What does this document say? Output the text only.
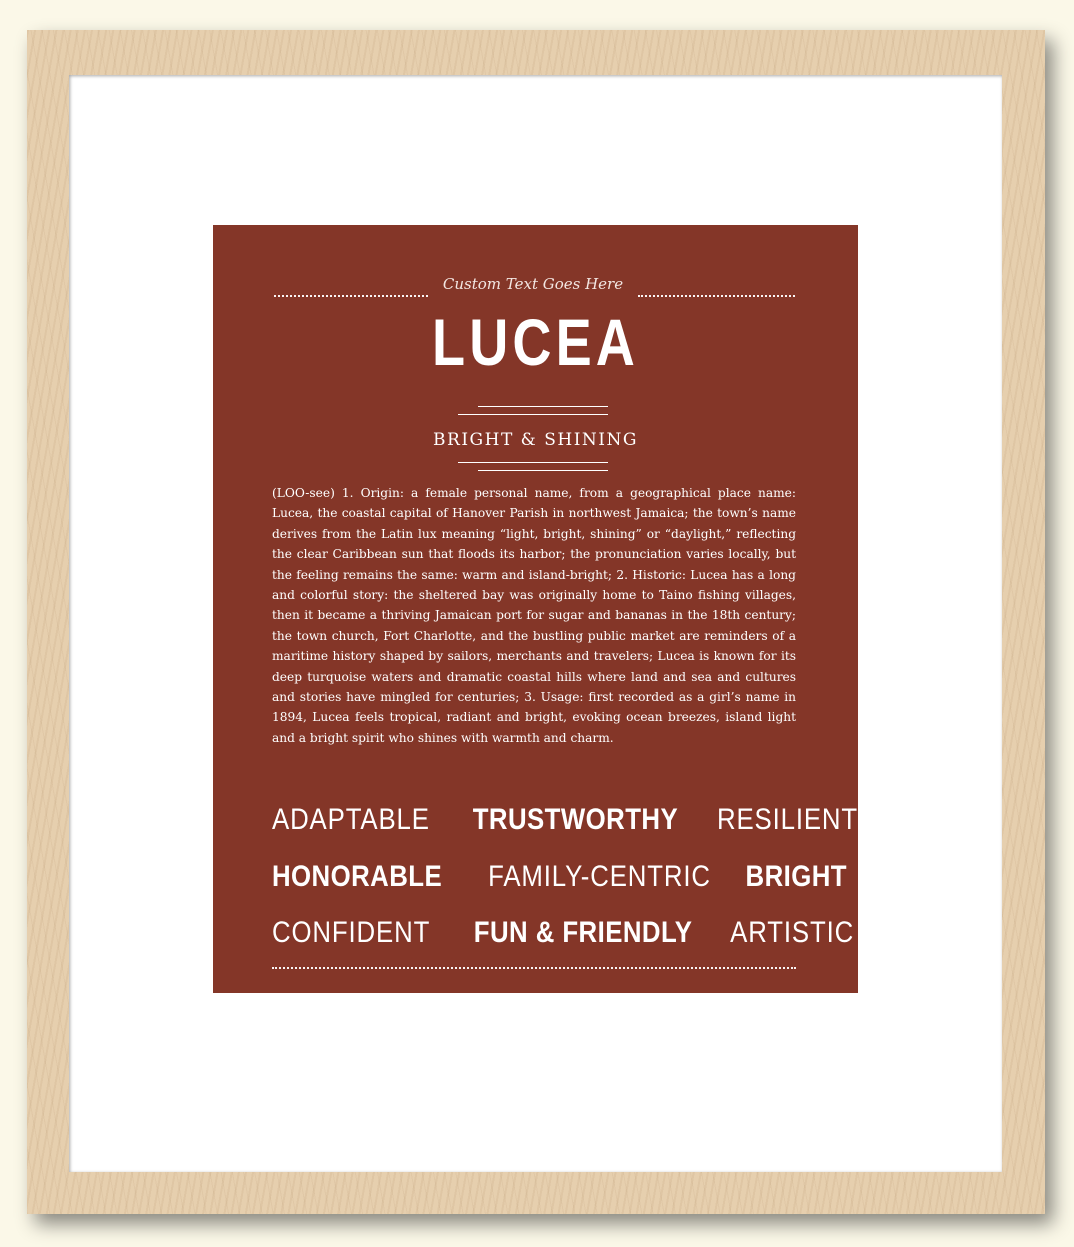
Custom Text Goes Here
LUCEA
BRIGHT & SHINING
(LOO-see) 1. Origin: a female personal name, from a geographical place name: Lucea, the coastal capital of Hanover Parish in northwest Jamaica; the town’s name derives from the Latin lux meaning “light, bright, shining” or “daylight,” reflecting the clear Caribbean sun that floods its harbor; the pronunciation varies locally, but the feeling remains the same: warm and island-bright; 2. Historic: Lucea has a long and colorful story: the sheltered bay was originally home to Taino fishing villages, then it became a thriving Jamaican port for sugar and bananas in the 18th century; the town church, Fort Charlotte, and the bustling public market are reminders of a maritime history shaped by sailors, merchants and travelers; Lucea is known for its deep turquoise waters and dramatic coastal hills where land and sea and cultures and stories have mingled for centuries; 3. Usage: first recorded as a girl’s name in 1894, Lucea feels tropical, radiant and bright, evoking ocean breezes, island light and a bright spirit who shines with warmth and charm.
ADAPTABLE TRUSTWORTHY RESILIENT
HONORABLE FAMILY-CENTRIC BRIGHT
CONFIDENT FUN & FRIENDLY ARTISTIC
